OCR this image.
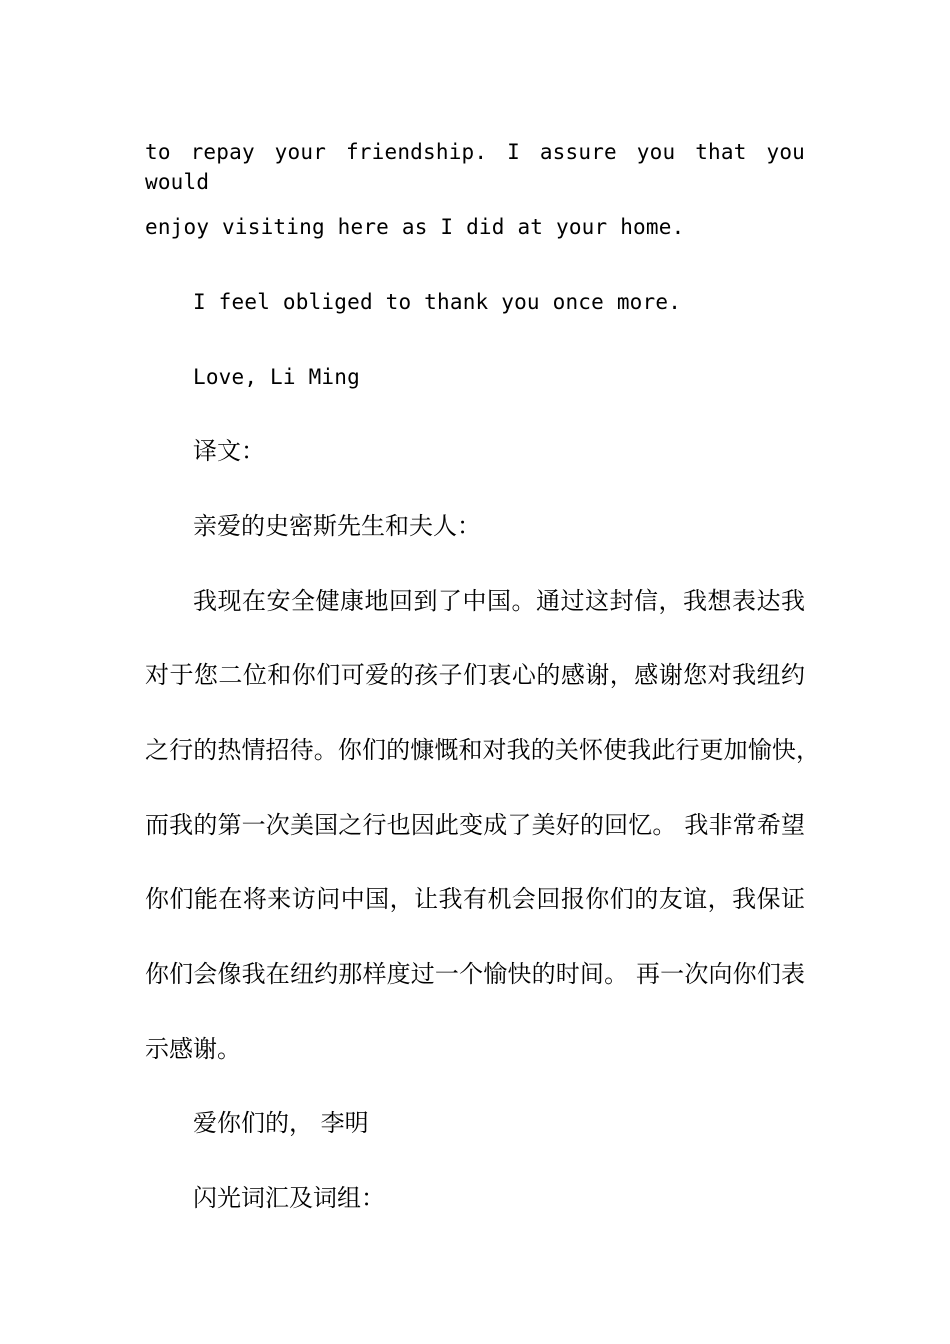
to repay your friendship. I assure you that you would
enjoy visiting here as I did at your home.
I feel obliged to thank you once more.
Love, Li Ming
译文：
亲爱的史密斯先生和夫人：
我现在安全健康地回到了中国。通过这封信，我想表达我
对于您二位和你们可爱的孩子们衷心的感谢，感谢您对我纽约
之行的热情招待。你们的慷慨和对我的关怀使我此行更加愉快，
而我的第一次美国之行也因此变成了美好的回忆。 我非常希望
你们能在将来访问中国，让我有机会回报你们的友谊，我保证
你们会像我在纽约那样度过一个愉快的时间。 再一次向你们表
示感谢。
爱你们的， 李明
闪光词汇及词组：
